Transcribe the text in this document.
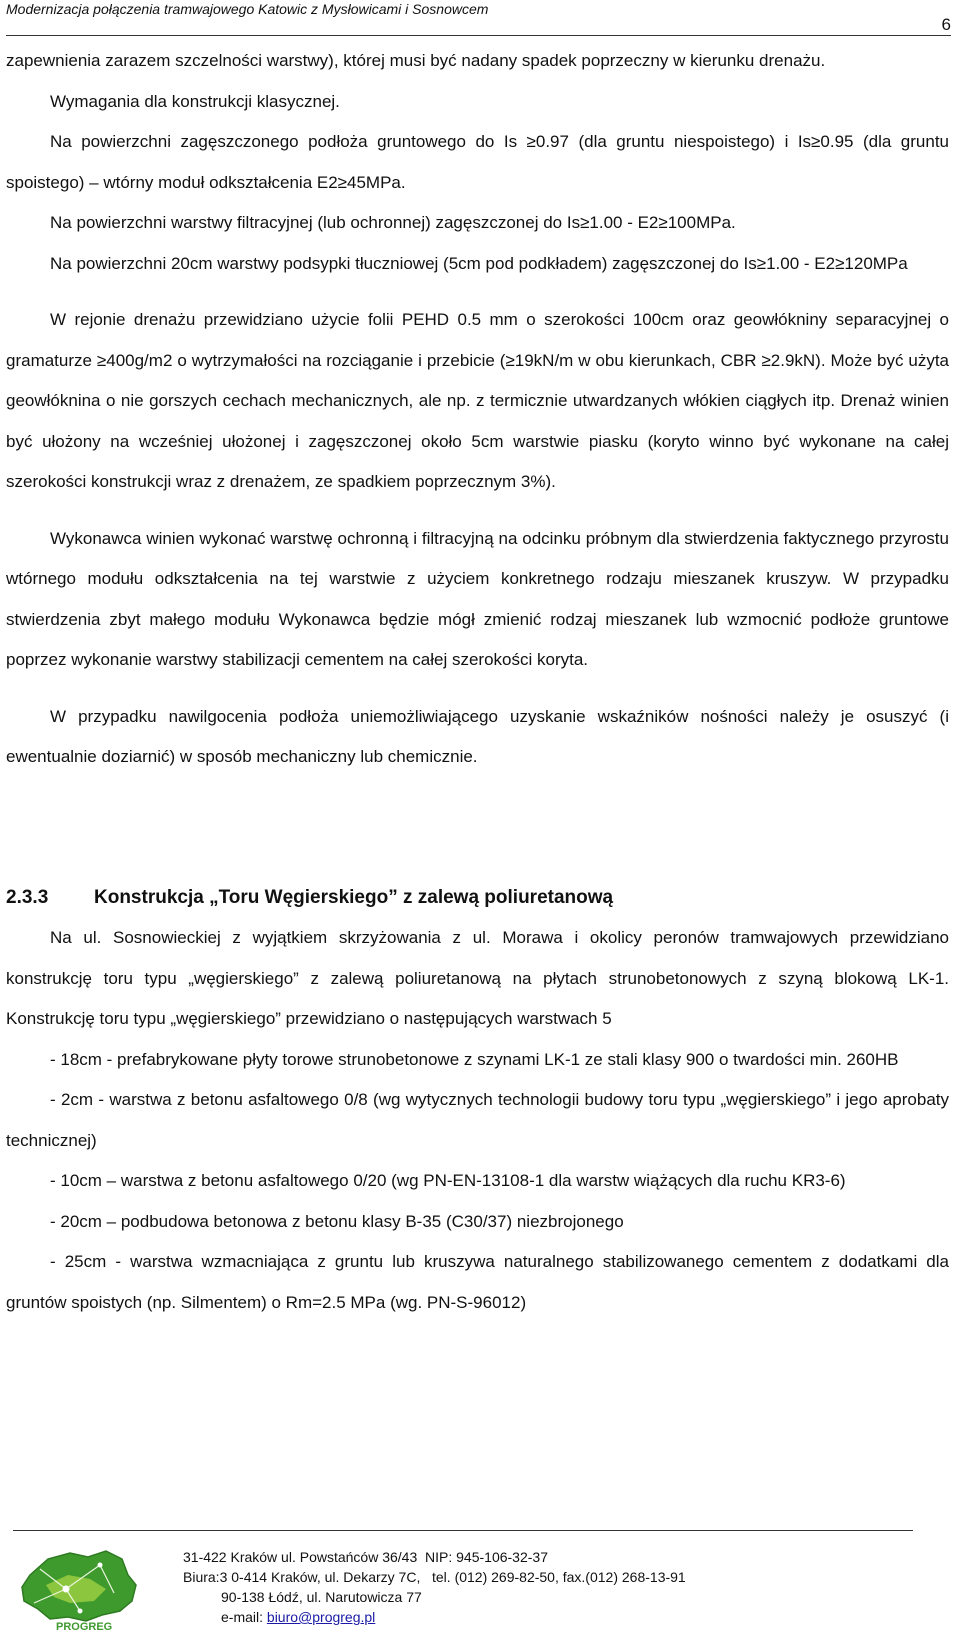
Modernizacja połączenia tramwajowego Katowic z Mysłowicami i Sosnowcem
6

zapewnienia zarazem szczelności warstwy), której musi być nadany spadek poprzeczny w kierunku drenażu.

Wymagania dla konstrukcji klasycznej.

Na powierzchni zagęszczonego podłoża gruntowego do Is ≥0.97 (dla gruntu niespoistego) i Is≥0.95 (dla gruntu spoistego) – wtórny moduł odkształcenia E2≥45MPa.

Na powierzchni warstwy filtracyjnej (lub ochronnej) zagęszczonej do Is≥1.00 - E2≥100MPa.

Na powierzchni 20cm warstwy podsypki tłuczniowej (5cm pod podkładem) zagęszczonej do Is≥1.00 - E2≥120MPa

W rejonie drenażu przewidziano użycie folii PEHD 0.5 mm o szerokości 100cm oraz geowłókniny separacyjnej o gramaturze ≥400g/m2 o wytrzymałości na rozciąganie i przebicie (≥19kN/m w obu kierunkach, CBR ≥2.9kN). Może być użyta geowłóknina o nie gorszych cechach mechanicznych, ale np. z termicznie utwardzanych włókien ciągłych itp. Drenaż winien być ułożony na wcześniej ułożonej i zagęszczonej około 5cm warstwie piasku (koryto winno być wykonane na całej szerokości konstrukcji wraz z drenażem, ze spadkiem poprzecznym 3%).

Wykonawca winien wykonać warstwę ochronną i filtracyjną na odcinku próbnym dla stwierdzenia faktycznego przyrostu wtórnego modułu odkształcenia na tej warstwie z użyciem konkretnego rodzaju mieszanek kruszyw. W przypadku stwierdzenia zbyt małego modułu Wykonawca będzie mógł zmienić rodzaj mieszanek lub wzmocnić podłoże gruntowe poprzez wykonanie warstwy stabilizacji cementem na całej szerokości koryta.

W przypadku nawilgocenia podłoża uniemożliwiającego uzyskanie wskaźników nośności należy je osuszyć (i ewentualnie doziarnić) w sposób mechaniczny lub chemicznie.

2.3.3 Konstrukcja „Toru Węgierskiego” z zalewą poliuretanową

Na ul. Sosnowieckiej z wyjątkiem skrzyżowania z ul. Morawa i okolicy peronów tramwajowych przewidziano konstrukcję toru typu „węgierskiego” z zalewą poliuretanową na płytach strunobetonowych z szyną blokową LK-1. Konstrukcję toru typu „węgierskiego” przewidziano o następujących warstwach 5

- 18cm - prefabrykowane płyty torowe strunobetonowe z szynami LK-1 ze stali klasy 900 o twardości min. 260HB

- 2cm - warstwa z betonu asfaltowego 0/8 (wg wytycznych technologii budowy toru typu „węgierskiego” i jego aprobaty technicznej)

- 10cm – warstwa z betonu asfaltowego 0/20 (wg PN-EN-13108-1 dla warstw wiążących dla ruchu KR3-6)

- 20cm – podbudowa betonowa z betonu klasy B-35 (C30/37) niezbrojonego

- 25cm - warstwa wzmacniająca z gruntu lub kruszywa naturalnego stabilizowanego cementem z dodatkami dla gruntów spoistych (np. Silmentem) o Rm=2.5 MPa (wg. PN-S-96012)

PROGREG
31-422 Kraków ul. Powstańców 36/43  NIP: 945-106-32-37
Biura:3 0-414 Kraków, ul. Dekarzy 7C,   tel. (012) 269-82-50, fax.(012) 268-13-91
90-138 Łódź, ul. Narutowicza 77
e-mail: biuro@progreg.pl
